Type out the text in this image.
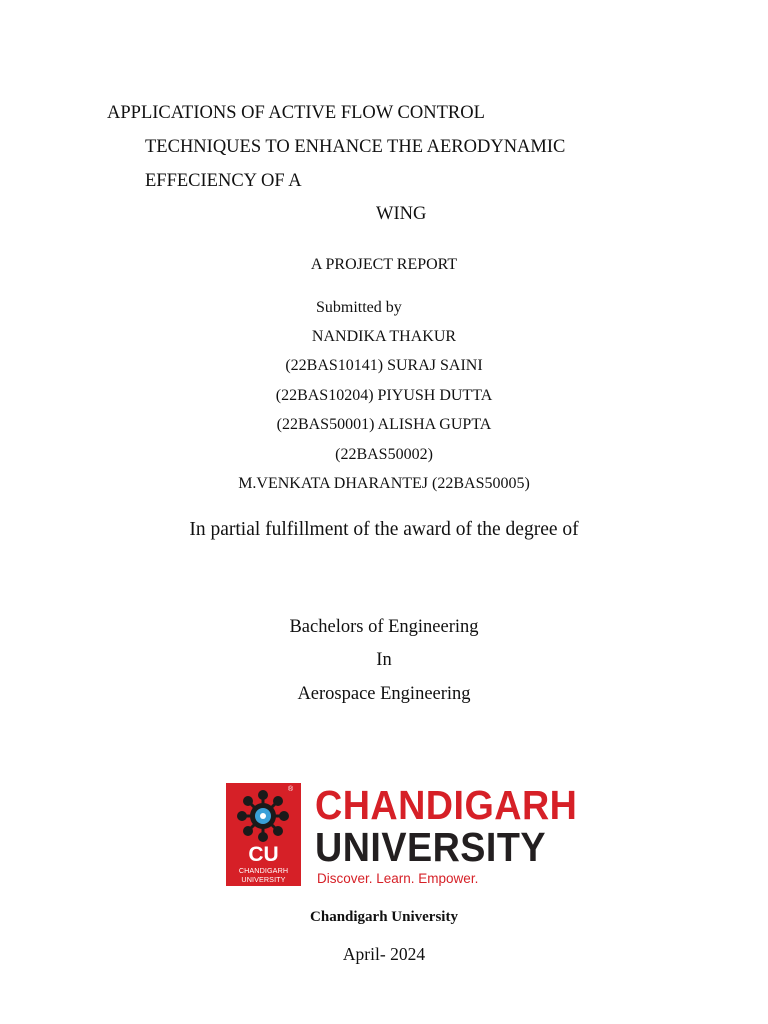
APPLICATIONS OF ACTIVE FLOW CONTROL
TECHNIQUES TO ENHANCE THE AERODYNAMIC
EFFECIENCY OF A
WING
A PROJECT REPORT
Submitted by
NANDIKA THAKUR
(22BAS10141) SURAJ SAINI
(22BAS10204) PIYUSH DUTTA
(22BAS50001) ALISHA GUPTA
(22BAS50002)
M.VENKATA DHARANTEJ (22BAS50005)
In partial fulfillment of the award of the degree of
Bachelors of Engineering
In
Aerospace Engineering
®
CU
CHANDIGARH
UNIVERSITY
CHANDIGARH
UNIVERSITY
Discover. Learn. Empower.
Chandigarh University
April- 2024
